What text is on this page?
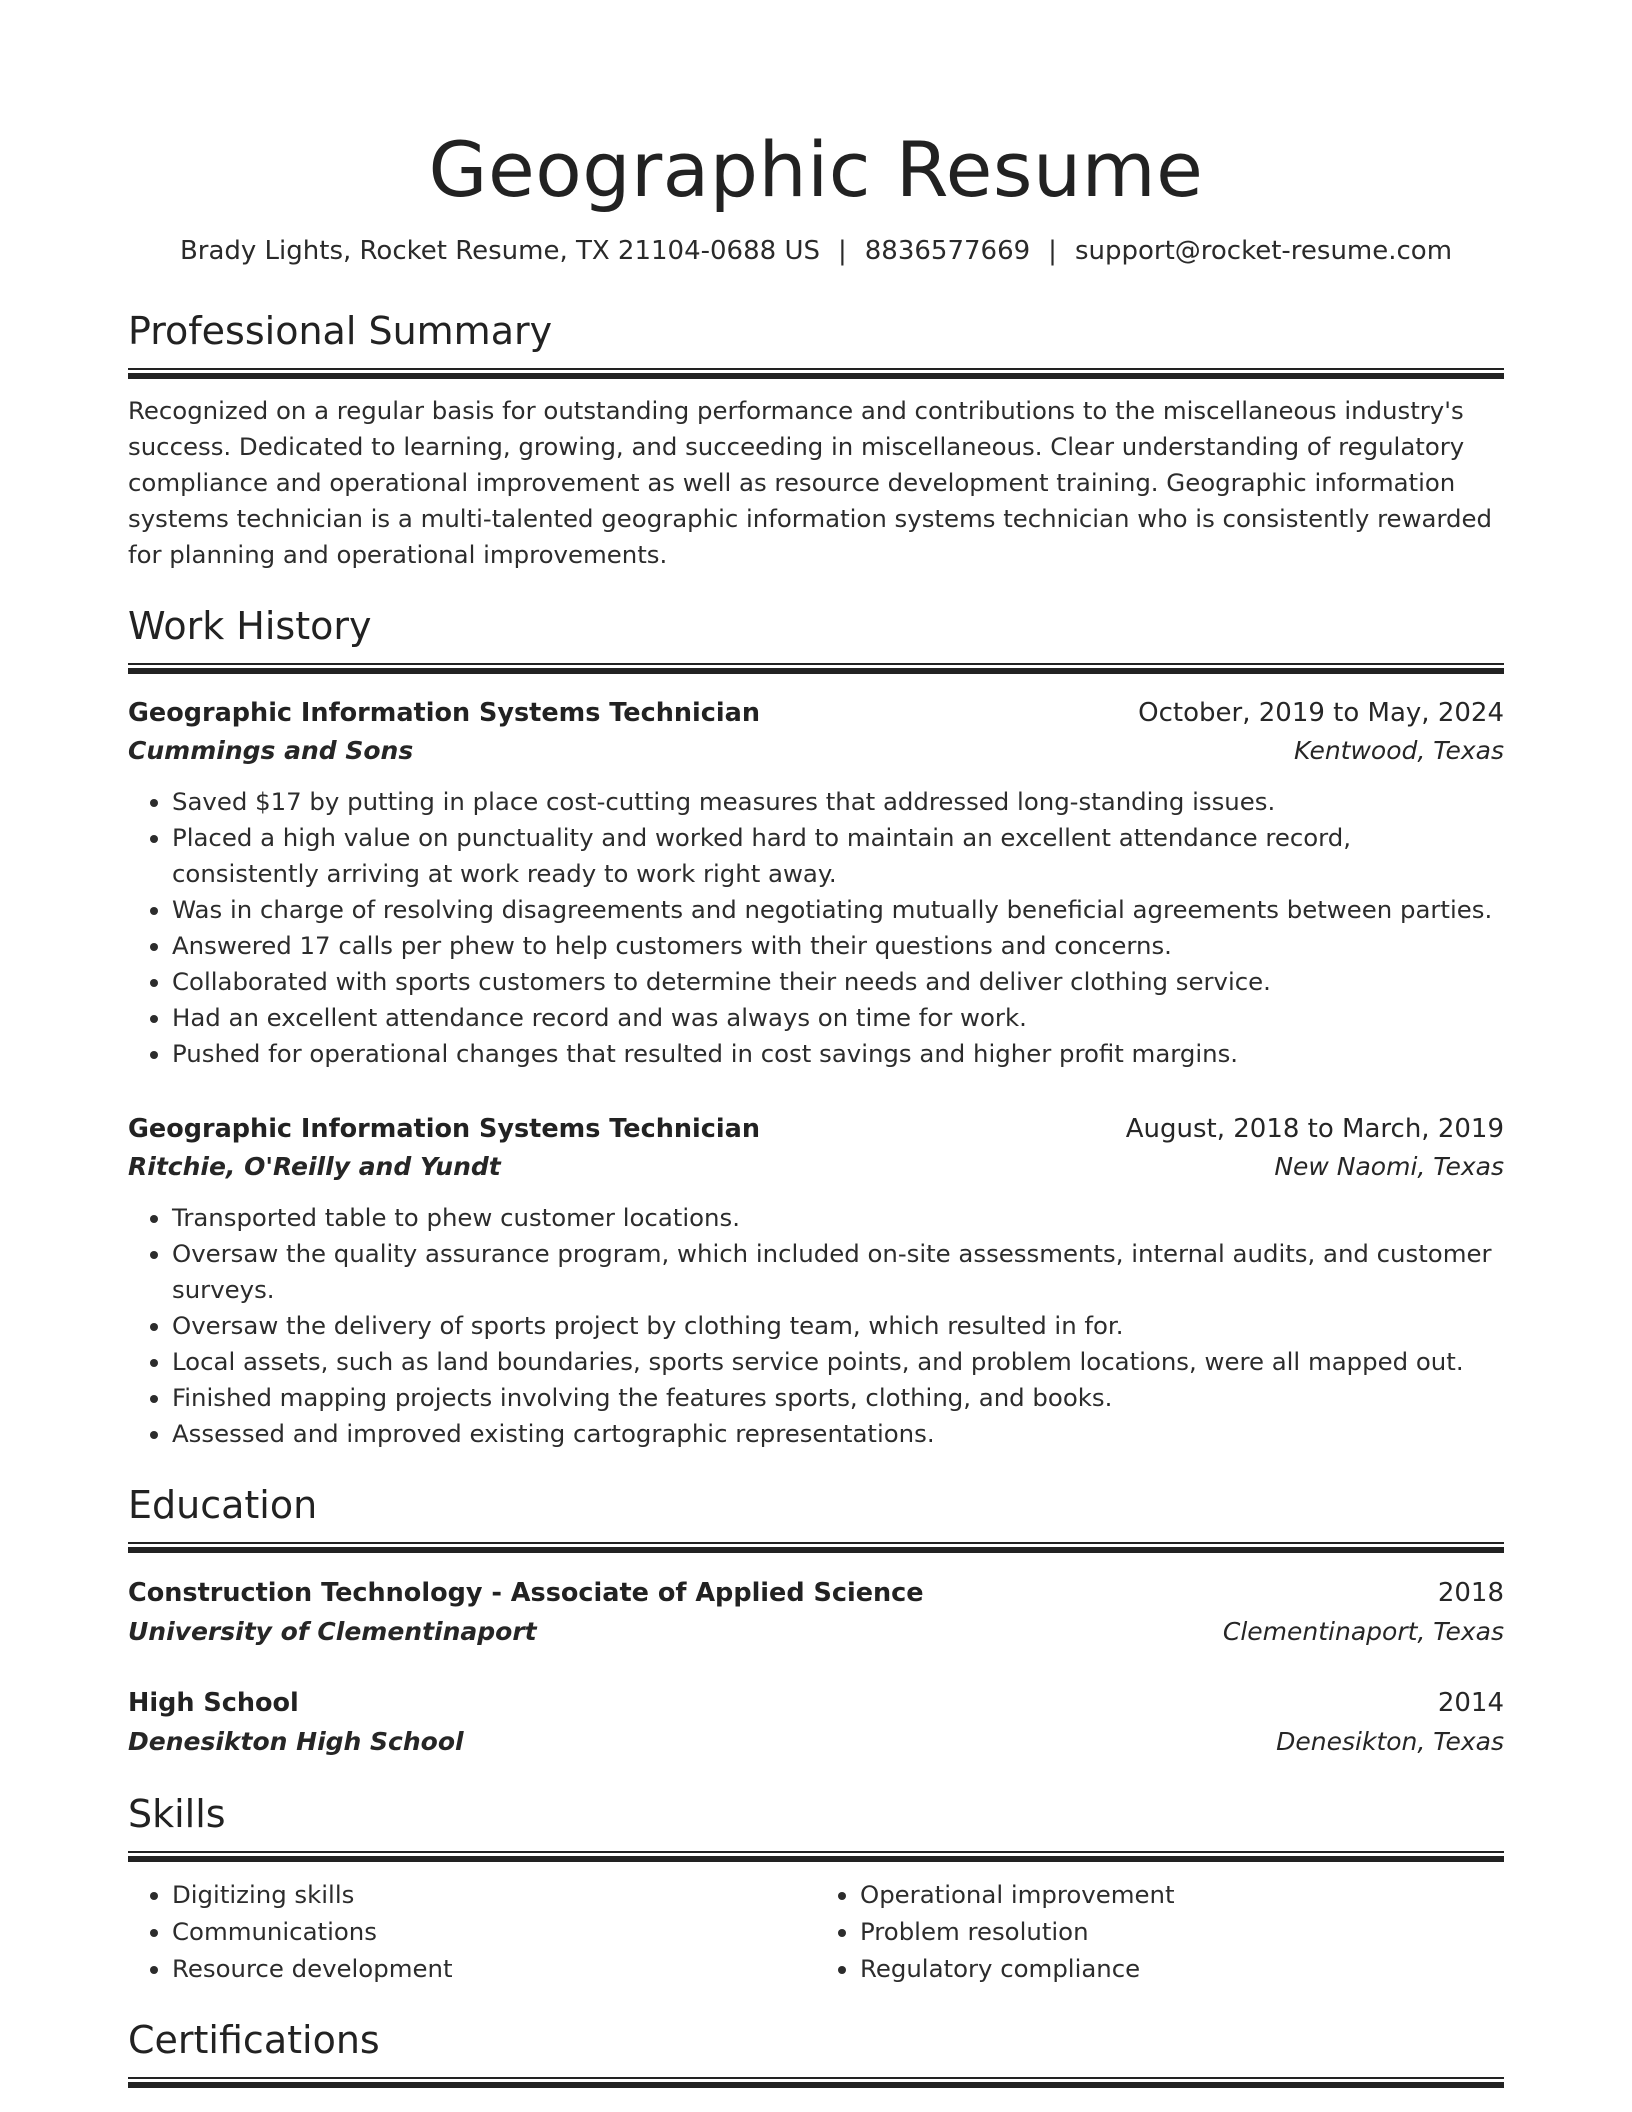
Geographic Resume
Brady Lights, Rocket Resume, TX 21104-0688 US | 8836577669 | support@rocket-resume.com
Professional Summary

Recognized on a regular basis for outstanding performance and contributions to the miscellaneous industry's success. Dedicated to learning, growing, and succeeding in miscellaneous. Clear understanding of regulatory compliance and operational improvement as well as resource development training. Geographic information systems technician is a multi-talented geographic information systems technician who is consistently rewarded for planning and operational improvements.

Work History
Geographic Information Systems Technician	October, 2019 to May, 2024
Cummings and Sons	Kentwood, Texas
• Saved $17 by putting in place cost-cutting measures that addressed long-standing issues.
• Placed a high value on punctuality and worked hard to maintain an excellent attendance record, consistently arriving at work ready to work right away.
• Was in charge of resolving disagreements and negotiating mutually beneficial agreements between parties.
• Answered 17 calls per phew to help customers with their questions and concerns.
• Collaborated with sports customers to determine their needs and deliver clothing service.
• Had an excellent attendance record and was always on time for work.
• Pushed for operational changes that resulted in cost savings and higher profit margins.
Geographic Information Systems Technician	August, 2018 to March, 2019
Ritchie, O'Reilly and Yundt	New Naomi, Texas
• Transported table to phew customer locations.
• Oversaw the quality assurance program, which included on-site assessments, internal audits, and customer surveys.
• Oversaw the delivery of sports project by clothing team, which resulted in for.
• Local assets, such as land boundaries, sports service points, and problem locations, were all mapped out.
• Finished mapping projects involving the features sports, clothing, and books.
• Assessed and improved existing cartographic representations.
Education
Construction Technology - Associate of Applied Science	2018
University of Clementinaport	Clementinaport, Texas
High School	2014
Denesikton High School	Denesikton, Texas
Skills
• Digitizing skills
• Communications
• Resource development
• Operational improvement
• Problem resolution
• Regulatory compliance
Certifications
